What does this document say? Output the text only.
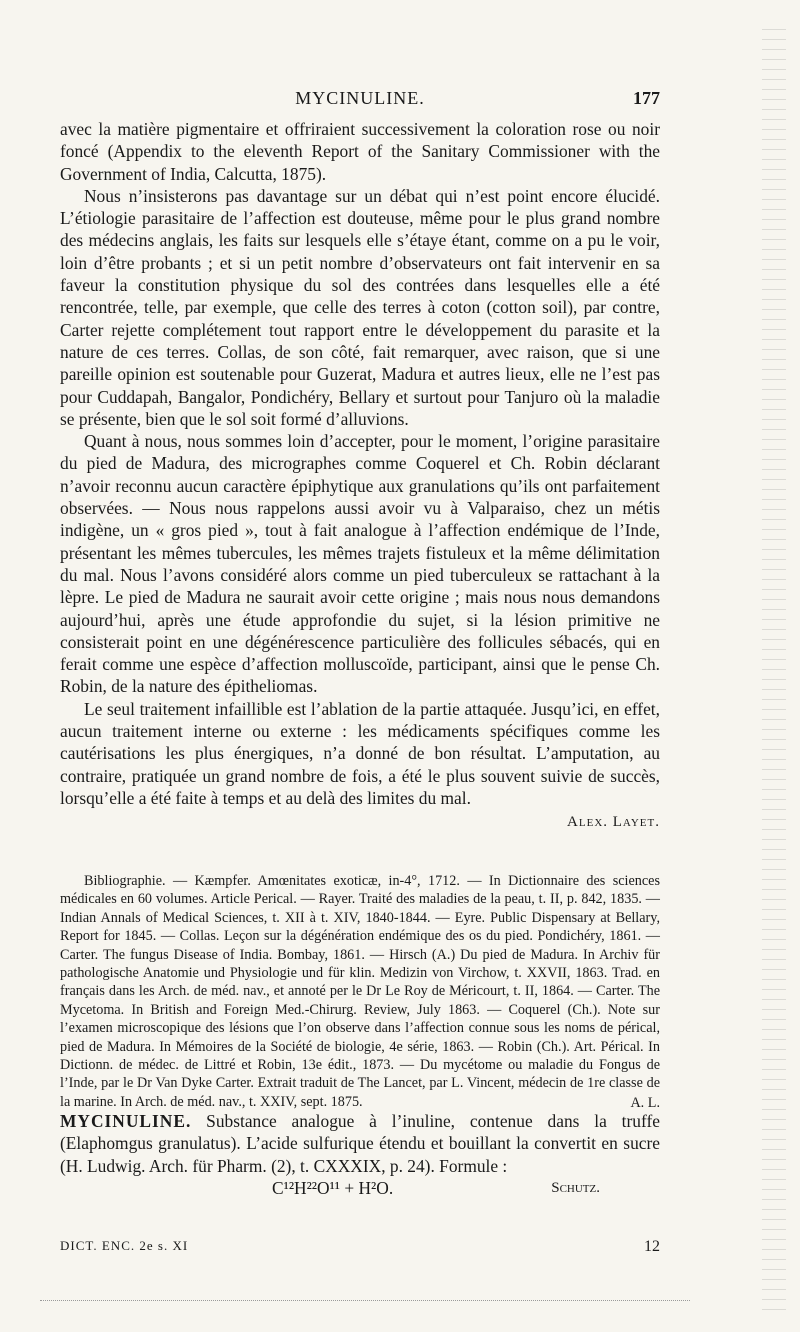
MYCINULINE.	177

avec la matière pigmentaire et offriraient successivement la coloration rose ou noir foncé (Appendix to the eleventh Report of the Sanitary Commissioner with the Government of India, Calcutta, 1875).

Nous n’insisterons pas davantage sur un débat qui n’est point encore élucidé. L’étiologie parasitaire de l’affection est douteuse, même pour le plus grand nombre des médecins anglais, les faits sur lesquels elle s’étaye étant, comme on a pu le voir, loin d’être probants ; et si un petit nombre d’observateurs ont fait intervenir en sa faveur la constitution physique du sol des contrées dans lesquelles elle a été rencontrée, telle, par exemple, que celle des terres à coton (cotton soil), par contre, Carter rejette complétement tout rapport entre le développement du parasite et la nature de ces terres. Collas, de son côté, fait remarquer, avec raison, que si une pareille opinion est soutenable pour Guzerat, Madura et autres lieux, elle ne l’est pas pour Cuddapah, Bangalor, Pondichéry, Bellary et surtout pour Tanjuro où la maladie se présente, bien que le sol soit formé d’alluvions.

Quant à nous, nous sommes loin d’accepter, pour le moment, l’origine parasitaire du pied de Madura, des micrographes comme Coquerel et Ch. Robin déclarant n’avoir reconnu aucun caractère épiphytique aux granulations qu’ils ont parfaitement observées. — Nous nous rappelons aussi avoir vu à Valparaiso, chez un métis indigène, un « gros pied », tout à fait analogue à l’affection endémique de l’Inde, présentant les mêmes tubercules, les mêmes trajets fistuleux et la même délimitation du mal. Nous l’avons considéré alors comme un pied tuberculeux se rattachant à la lèpre. Le pied de Madura ne saurait avoir cette origine ; mais nous nous demandons aujourd’hui, après une étude approfondie du sujet, si la lésion primitive ne consisterait point en une dégénérescence particulière des follicules sébacés, qui en ferait comme une espèce d’affection molluscoïde, participant, ainsi que le pense Ch. Robin, de la nature des épitheliomas.

Le seul traitement infaillible est l’ablation de la partie attaquée. Jusqu’ici, en effet, aucun traitement interne ou externe : les médicaments spécifiques comme les cautérisations les plus énergiques, n’a donné de bon résultat. L’amputation, au contraire, pratiquée un grand nombre de fois, a été le plus souvent suivie de succès, lorsqu’elle a été faite à temps et au delà des limites du mal.

Alex. Layet.
Bibliographie. — Kæmpfer. Amœnitates exoticæ, in-4°, 1712. — In Dictionnaire des sciences médicales en 60 volumes. Article Perical. — Rayer. Traité des maladies de la peau, t. II, p. 842, 1835. — Indian Annals of Medical Sciences, t. XII à t. XIV, 1840-1844. — Eyre. Public Dispensary at Bellary, Report for 1845. — Collas. Leçon sur la dégénération endémique des os du pied. Pondichéry, 1861. — Carter. The fungus Disease of India. Bombay, 1861. — Hirsch (A.) Du pied de Madura. In Archiv für pathologische Anatomie und Physiologie und für klin. Medizin von Virchow, t. XXVII, 1863. Trad. en français dans les Arch. de méd. nav., et annoté per le Dr Le Roy de Méricourt, t. II, 1864. — Carter. The Mycetoma. In British and Foreign Med.-Chirurg. Review, July 1863. — Coquerel (Ch.). Note sur l’examen microscopique des lésions que l’on observe dans l’affection connue sous les noms de périca​l, pied de Madura. In Mémoires de la Société de biologie, 4e série, 1863. — Robin (Ch.). Art. Périca​l. In Dictionn. de médec. de Littré et Robin, 13e édit., 1873. — Du mycétome ou maladie du Fongus de l’Inde, par le Dr Van Dyke Carter. Extrait traduit de The Lancet, par L. Vincent, médecin de 1re classe de la marine. In Arch. de méd. nav., t. XXIV, sept. 1875.	A. L.
MYCINULINE. Substance analogue à l’inuline, contenue dans la truffe (Elaphomgus granulatus). L’acide sulfurique étendu et bouillant la convertit en sucre (H. Ludwig. Arch. für Pharm. (2), t. CXXXIX, p. 24). Formule :
C¹²H²²O¹¹ + H²O.	Schutz.
DICT. ENC. 2e s. XI	12
